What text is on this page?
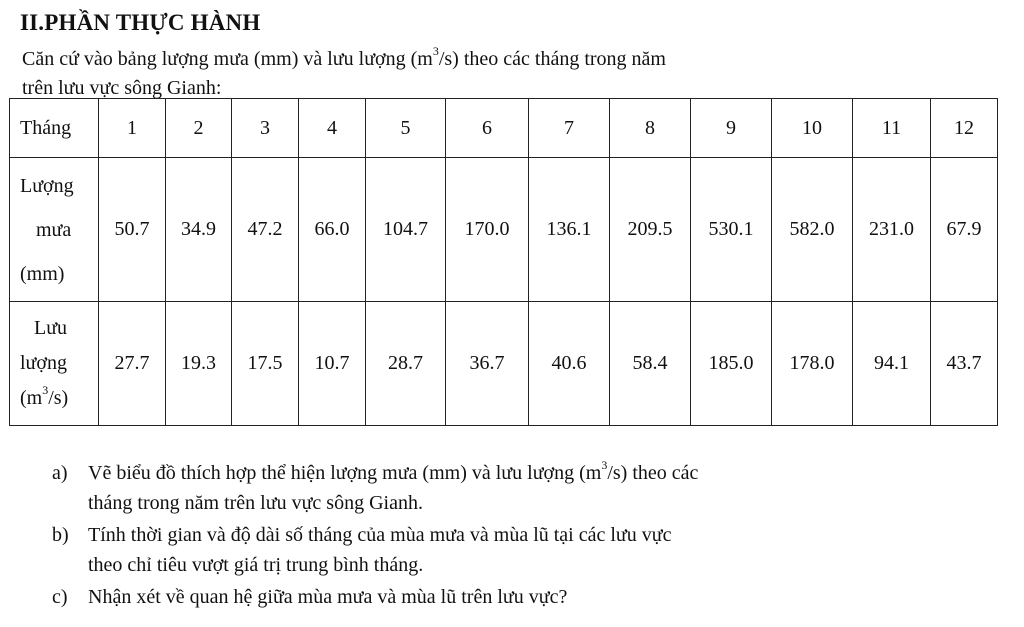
II.PHẦN THỰC HÀNH
Căn cứ vào bảng lượng mưa (mm) và lưu lượng $(m^3/s)$ theo các tháng trong năm
trên lưu vực sông Gianh:
Tháng	1	2	3	4	5	6	7	8	9	10	11	12

Lượng
mưa
(mm)	50.7	34.9	47.2	66.0	104.7	170.0	136.1	209.5	530.1	582.0	231.0	67.9

Lưu
lượng
$(m^3/s)$	27.7	19.3	17.5	10.7	28.7	36.7	40.6	58.4	185.0	178.0	94.1	43.7
a) Vẽ biểu đồ thích hợp thể hiện lượng mưa (mm) và lưu lượng $(m^3/s)$ theo các
tháng trong năm trên lưu vực sông Gianh.
b) Tính thời gian và độ dài số tháng của mùa mưa và mùa lũ tại các lưu vực
theo chỉ tiêu vượt giá trị trung bình tháng.
c) Nhận xét về quan hệ giữa mùa mưa và mùa lũ trên lưu vực?
